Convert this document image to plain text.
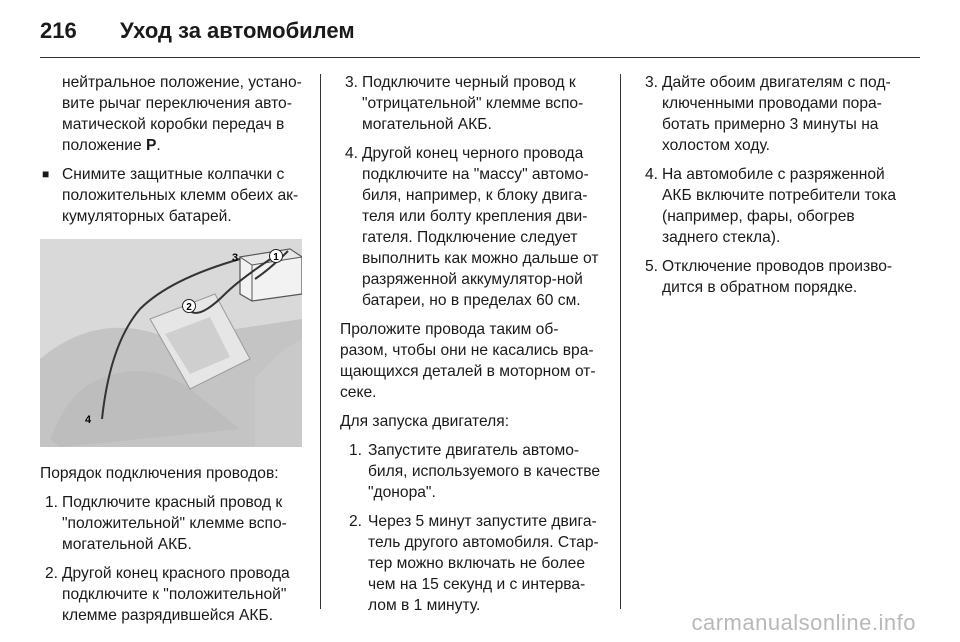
216	Уход за автомобилем

нейтральное положение, устано-вите рычаг переключения авто-матической коробки передач в положение P.

■ Снимите защитные колпачки с положительных клемм обеих ак-кумуляторных батарей.
1
2
3
4

Порядок подключения проводов:

1. Подключите красный провод к "положительной" клемме вспо-могательной АКБ.
2. Другой конец красного провода подключите к "положительной" клемме разрядившейся АКБ.
3. Подключите черный провод к "отрицательной" клемме вспо-могательной АКБ.
4. Другой конец черного провода подключите на "массу" автомо-биля, например, к блоку двига-теля или болту крепления дви-гателя. Подключение следует выполнить как можно дальше от разряженной аккумулятор-ной батареи, но в пределах 60 см.

Проложите провода таким об-разом, чтобы они не касались вра-щающихся деталей в моторном от-секе.

Для запуска двигателя:

1. Запустите двигатель автомо-биля, используемого в качестве "донора".
2. Через 5 минут запустите двига-тель другого автомобиля. Стар-тер можно включать не более чем на 15 секунд и с интерва-лом в 1 минуту.
3. Дайте обоим двигателям с под-ключенными проводами пора-ботать примерно 3 минуты на холостом ходу.
4. На автомобиле с разряженной АКБ включите потребители тока (например, фары, обогрев заднего стекла).
5. Отключение проводов произво-дится в обратном порядке.
carmanualsonline.info
